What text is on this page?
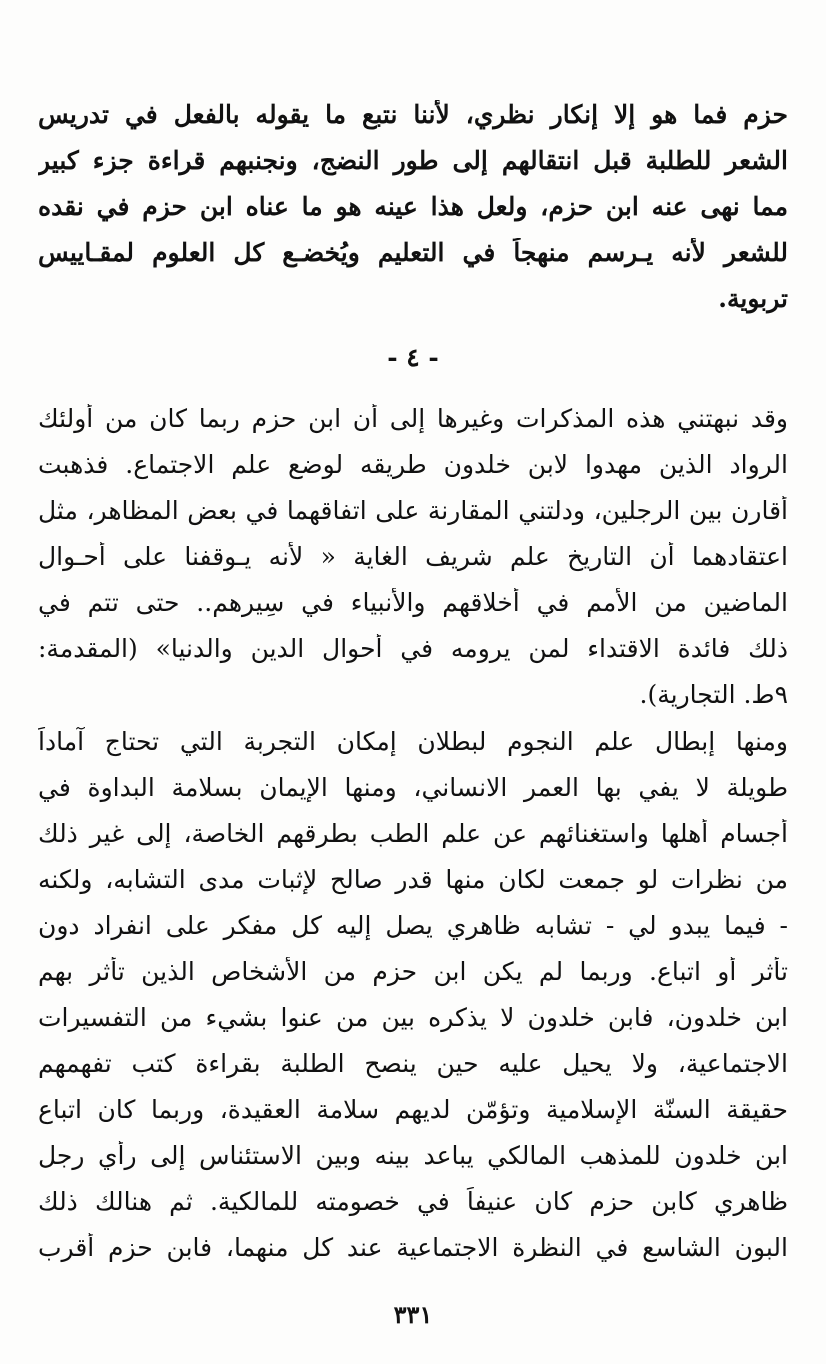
حزم فما هو إلا إنكار نظري، لأننا نتبع ما يقوله بالفعل في تدريس
الشعر للطلبة قبل انتقالهم إلى طور النضج، ونجنبهم قراءة جزء كبير
مما نهى عنه ابن حزم، ولعل هذا عينه هو ما عناه ابن حزم في نقده
للشعر لأنه يـرسم منهجاً في التعليم ويُخضـع كل العلوم لمقـاييس
تربوية.
- ٤ -
وقد نبهتني هذه المذكرات وغيرها إلى أن ابن حزم ربما كان من أولئك
الرواد الذين مهدوا لابن خلدون طريقه لوضع علم الاجتماع. فذهبت
أقارن بين الرجلين، ودلتني المقارنة على اتفاقهما في بعض المظاهر، مثل
اعتقادهما أن التاريخ علم شريف الغاية « لأنه يـوقفنا على أحـوال
الماضين من الأمم في أخلاقهم والأنبياء في سِيرهم.. حتى تتم في
ذلك فائدة الاقتداء لمن يرومه في أحوال الدين والدنيا» (المقدمة:
٩ط. التجارية).
ومنها إبطال علم النجوم لبطلان إمكان التجربة التي تحتاج آماداً
طويلة لا يفي بها العمر الانساني، ومنها الإيمان بسلامة البداوة في
أجسام أهلها واستغنائهم عن علم الطب بطرقهم الخاصة، إلى غير ذلك
من نظرات لو جمعت لكان منها قدر صالح لإثبات مدى التشابه، ولكنه
- فيما يبدو لي - تشابه ظاهري يصل إليه كل مفكر على انفراد دون
تأثر أو اتباع. وربما لم يكن ابن حزم من الأشخاص الذين تأثر بهم
ابن خلدون، فابن خلدون لا يذكره بين من عنوا بشيء من التفسيرات
الاجتماعية، ولا يحيل عليه حين ينصح الطلبة بقراءة كتب تفهمهم
حقيقة السنّة الإسلامية وتؤمّن لديهم سلامة العقيدة، وربما كان اتباع
ابن خلدون للمذهب المالكي يباعد بينه وبين الاستئناس إلى رأي رجل
ظاهري كابن حزم كان عنيفاً في خصومته للمالكية. ثم هنالك ذلك
البون الشاسع في النظرة الاجتماعية عند كل منهما، فابن حزم أقرب
٣٣١
